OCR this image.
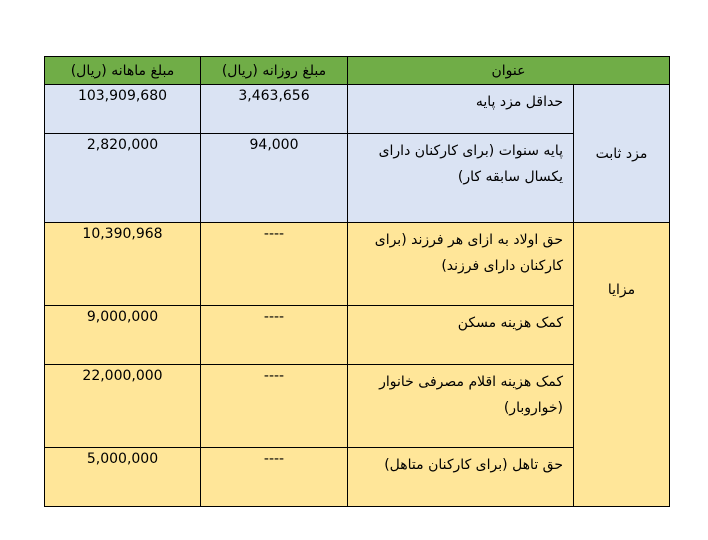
مبلغ ماهانه (ریال)	مبلغ روزانه (ریال)	عنوان	
103,909,680	3,463,656	حداقل مزد پایه	مزد ثابت
2,820,000	94,000	پایه سنوات (برای کارکنان دارای یکسال سابقه کار)	
10,390,968	----	حق اولاد به ازای هر فرزند (برای کارکنان دارای فرزند)	مزایا

9,000,000	----	کمک هزینه مسکن	
22,000,000	----	کمک هزینه اقلام مصرفی خانوار (خواروبار)	
5,000,000	----	حق تاهل (برای کارکنان متاهل)	
